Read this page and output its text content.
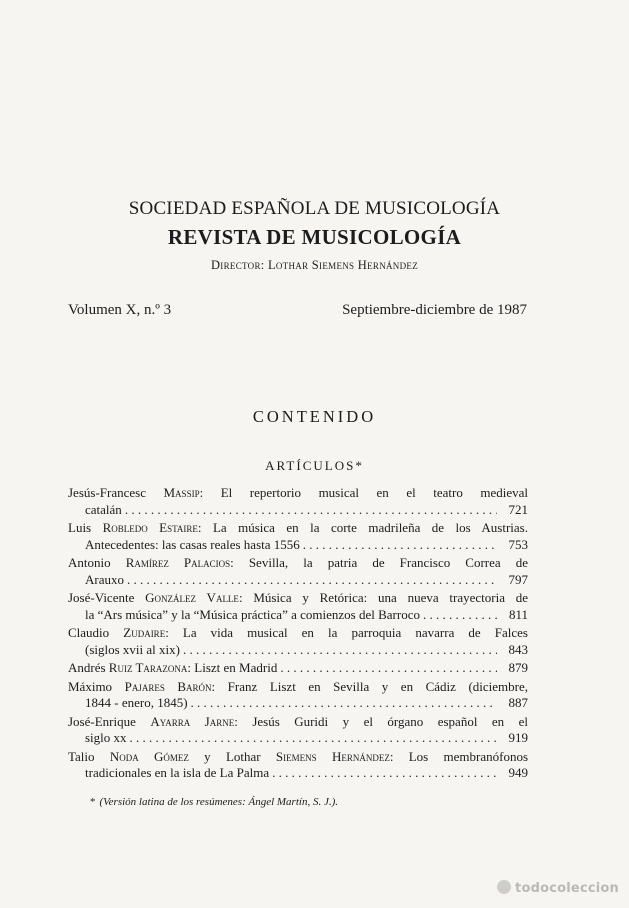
SOCIEDAD ESPAÑOLA DE MUSICOLOGÍA
REVISTA DE MUSICOLOGÍA
Director: Lothar Siemens Hernández
Volumen X, n.º 3	Septiembre-diciembre de 1987
CONTENIDO
ARTÍCULOS*
Jesús-Francesc Massip: El repertorio musical en el teatro medieval
catalán . . .	721
Luis Robledo Estaire: La música en la corte madrileña de los Austrias.
Antecedentes: las casas reales hasta 1556 . . .	753
Antonio Ramírez Palacios: Sevilla, la patria de Francisco Correa de
Arauxo . . .	797
José-Vicente González Valle: Música y Retórica: una nueva trayectoria de
la “Ars música” y la “Música práctica” a comienzos del Barroco . . .	811
Claudio Zudaire: La vida musical en la parroquia navarra de Falces
(siglos xvii al xix) . . .	843
Andrés Ruiz Tarazona: Liszt en Madrid . . .	879
Máximo Pajares Barón: Franz Liszt en Sevilla y en Cádiz (diciembre,
1844 - enero, 1845) . . .	887
José-Enrique Ayarra Jarne: Jesús Guridi y el órgano español en el
siglo xx . . .	919
Talio Noda Gómez y Lothar Siemens Hernández: Los membranófonos
tradicionales en la isla de La Palma . . .	949
* (Versión latina de los resúmenes: Ángel Martín, S. J.).
todocoleccion
